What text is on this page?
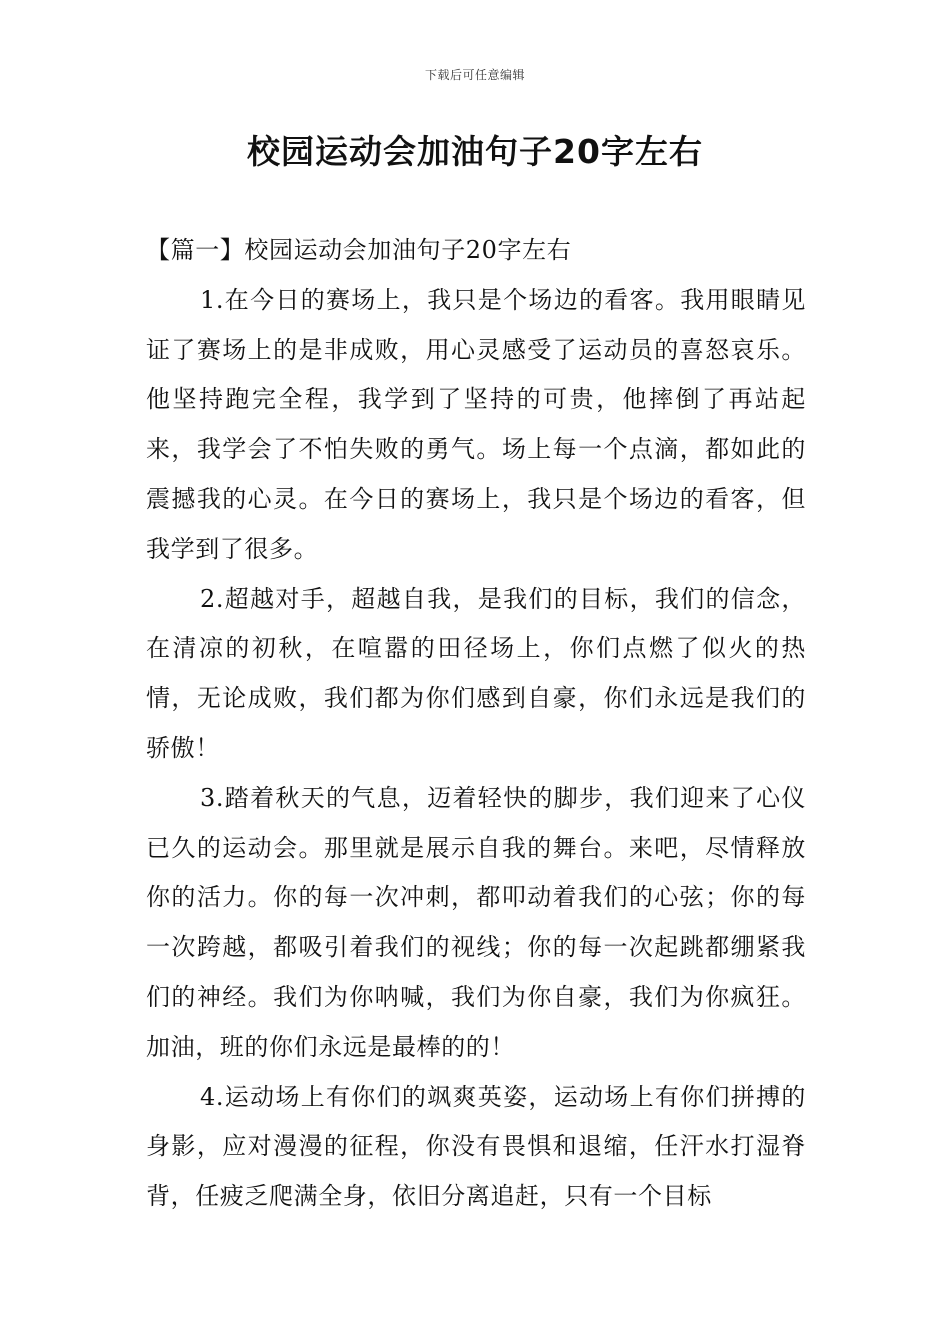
下载后可任意编辑
校园运动会加油句子20字左右

【篇一】校园运动会加油句子20字左右

1.在今日的赛场上，我只是个场边的看客。我用眼睛见证了赛场上的是非成败，用心灵感受了运动员的喜怒哀乐。他坚持跑完全程，我学到了坚持的可贵，他摔倒了再站起来，我学会了不怕失败的勇气。场上每一个点滴，都如此的震撼我的心灵。在今日的赛场上，我只是个场边的看客，但我学到了很多。

2.超越对手，超越自我，是我们的目标，我们的信念，在清凉的初秋，在喧嚣的田径场上，你们点燃了似火的热情，无论成败，我们都为你们感到自豪，你们永远是我们的骄傲！

3.踏着秋天的气息，迈着轻快的脚步，我们迎来了心仪已久的运动会。那里就是展示自我的舞台。来吧，尽情释放你的活力。你的每一次冲刺，都叩动着我们的心弦；你的每一次跨越，都吸引着我们的视线；你的每一次起跳都绷紧我们的神经。我们为你呐喊，我们为你自豪，我们为你疯狂。加油，班的你们永远是最棒的的！

4.运动场上有你们的飒爽英姿，运动场上有你们拼搏的身影，应对漫漫的征程，你没有畏惧和退缩，任汗水打湿脊背，任疲乏爬满全身，依旧分离追赶，只有一个目标
